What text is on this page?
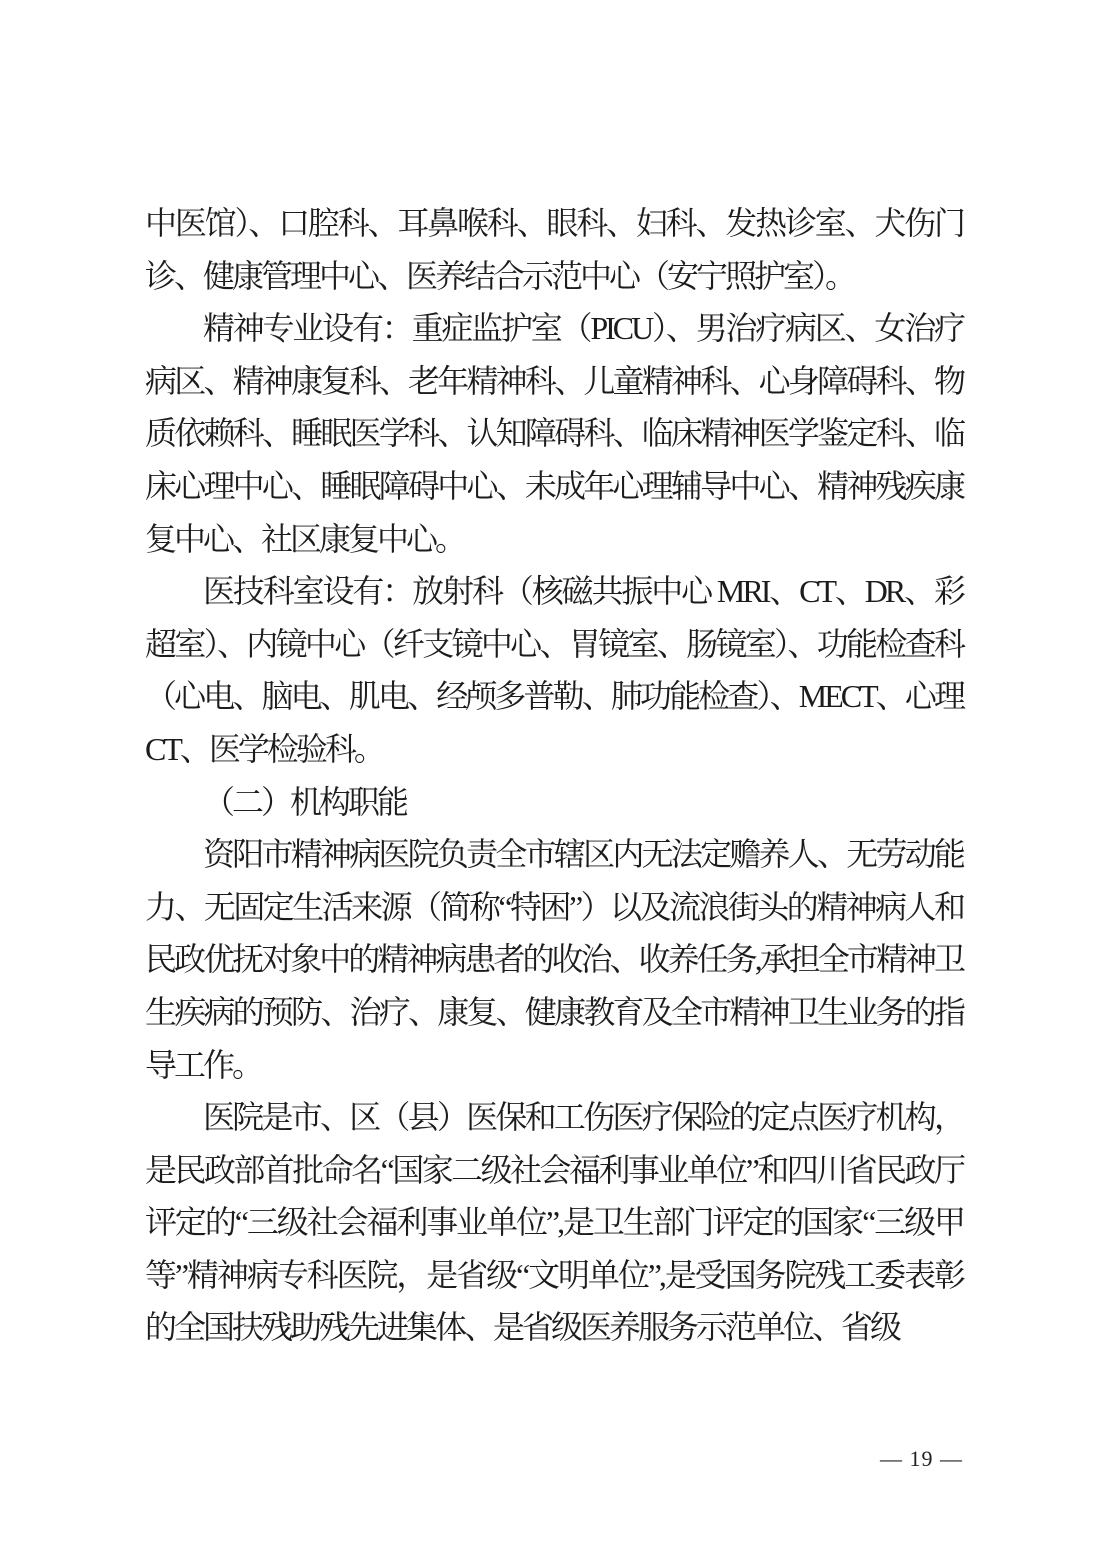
中医馆）、口腔科、耳鼻喉科、眼科、妇科、发热诊室、犬伤门诊、健康管理中心、医养结合示范中心（安宁照护室）。

精神专业设有：重症监护室（PICU）、男治疗病区、女治疗病区、精神康复科、老年精神科、儿童精神科、心身障碍科、物质依赖科、睡眠医学科、认知障碍科、临床精神医学鉴定科、临床心理中心、睡眠障碍中心、未成年心理辅导中心、精神残疾康复中心、社区康复中心。

医技科室设有：放射科（核磁共振中心 MRI、CT、DR、彩超室）、内镜中心（纤支镜中心、胃镜室、肠镜室）、功能检查科（心电、脑电、肌电、经颅多普勒、肺功能检查）、MECT、心理CT、医学检验科。

（二）机构职能

资阳市精神病医院负责全市辖区内无法定赡养人、无劳动能力、无固定生活来源（简称“特困”）以及流浪街头的精神病人和民政优抚对象中的精神病患者的收治、收养任务,承担全市精神卫生疾病的预防、治疗、康复、健康教育及全市精神卫生业务的指导工作。

医院是市、区（县）医保和工伤医疗保险的定点医疗机构，是民政部首批命名“国家二级社会福利事业单位”和四川省民政厅评定的“三级社会福利事业单位”,是卫生部门评定的国家“三级甲等”精神病专科医院，是省级“文明单位”,是受国务院残工委表彰的全国扶残助残先进集体、是省级医养服务示范单位、省级

— 19 —
